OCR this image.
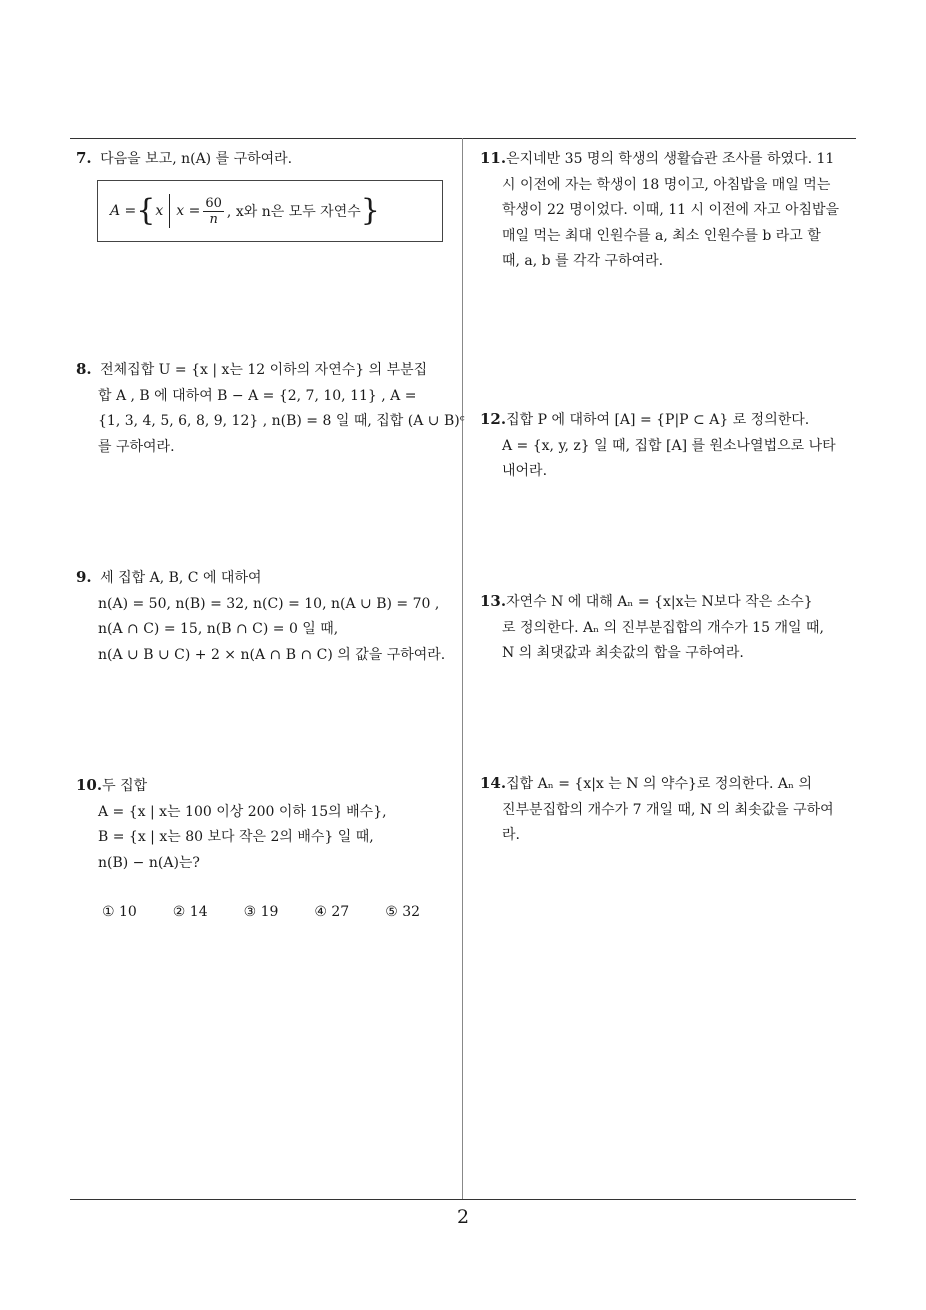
7. 다음을 보고, n(A) 를 구하여라.
A = { x $x = \frac{60}{n}$ , x와 n은 모두 자연수 }
8. 전체집합 U = {x | x는 12 이하의 자연수} 의 부분집
합 A , B 에 대하여 B − A = {2, 7, 10, 11} , A =
{1, 3, 4, 5, 6, 8, 9, 12} , n(B) = 8 일 때, 집합 (A ∪ B)ᶜ
를 구하여라.
9. 세 집합 A, B, C 에 대하여
n(A) = 50, n(B) = 32, n(C) = 10, n(A ∪ B) = 70 ,
n(A ∩ C) = 15, n(B ∩ C) = 0 일 때,
n(A ∪ B ∪ C) + 2 × n(A ∩ B ∩ C) 의 값을 구하여라.
10.두 집합
A = {x | x는 100 이상 200 이하 15의 배수},
B = {x | x는 80 보다 작은 2의 배수} 일 때,
n(B) − n(A)는?
① 10	② 14	③ 19	④ 27	⑤ 32
11.은지네반 35 명의 학생의 생활습관 조사를 하였다. 11
시 이전에 자는 학생이 18 명이고, 아침밥을 매일 먹는
학생이 22 명이었다. 이때, 11 시 이전에 자고 아침밥을
매일 먹는 최대 인원수를 a, 최소 인원수를 b 라고 할
때, a, b 를 각각 구하여라.
12.집합 P 에 대하여 [A] = {P|P ⊂ A} 로 정의한다.
A = {x, y, z} 일 때, 집합 [A] 를 원소나열법으로 나타
내어라.
13.자연수 N 에 대해 Aₙ = {x|x는 N보다 작은 소수}
로 정의한다. Aₙ 의 진부분집합의 개수가 15 개일 때,
N 의 최댓값과 최솟값의 합을 구하여라.
14.집합 Aₙ = {x|x 는 N 의 약수}로 정의한다. Aₙ 의
진부분집합의 개수가 7 개일 때, N 의 최솟값을 구하여
라.
2
